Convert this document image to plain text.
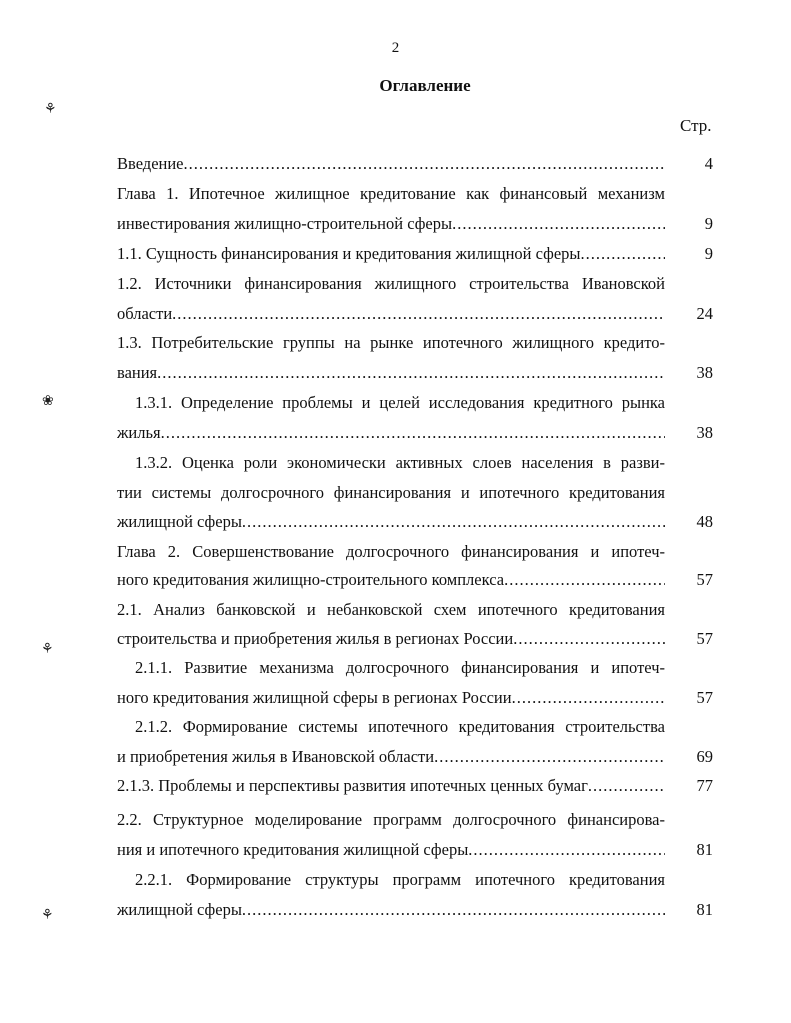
2
Оглавление
Стр.
⚘
❀
⚘
⚘
Введение .....	4
Глава 1. Ипотечное жилищное кредитование как финансовый механизм
инвестирования жилищно-строительной сферы .....	9
1.1. Сущность финансирования и кредитования жилищной сферы .....	9
1.2. Источники финансирования жилищного строительства Ивановской
области .....	24
1.3. Потребительские группы на рынке ипотечного жилищного кредито-
вания .....	38
1.3.1. Определение проблемы и целей исследования кредитного рынка
жилья .....	38
1.3.2. Оценка роли экономически активных слоев населения в разви-
тии системы долгосрочного финансирования и ипотечного кредитования
жилищной сферы .....	48
Глава 2. Совершенствование долгосрочного финансирования и ипотеч-
ного кредитования жилищно-строительного комплекса .....	57
2.1. Анализ банковской и небанковской схем ипотечного кредитования
строительства и приобретения жилья в регионах России .....	57
2.1.1. Развитие механизма долгосрочного финансирования и ипотеч-
ного кредитования жилищной сферы в регионах России .....	57
2.1.2. Формирование системы ипотечного кредитования строительства
и приобретения жилья в Ивановской области .....	69
2.1.3. Проблемы и перспективы развития ипотечных ценных бумаг .....	77
2.2. Структурное моделирование программ долгосрочного финансирова-
ния и ипотечного кредитования жилищной сферы .....	81
2.2.1. Формирование структуры программ ипотечного кредитования
жилищной сферы .....	81
